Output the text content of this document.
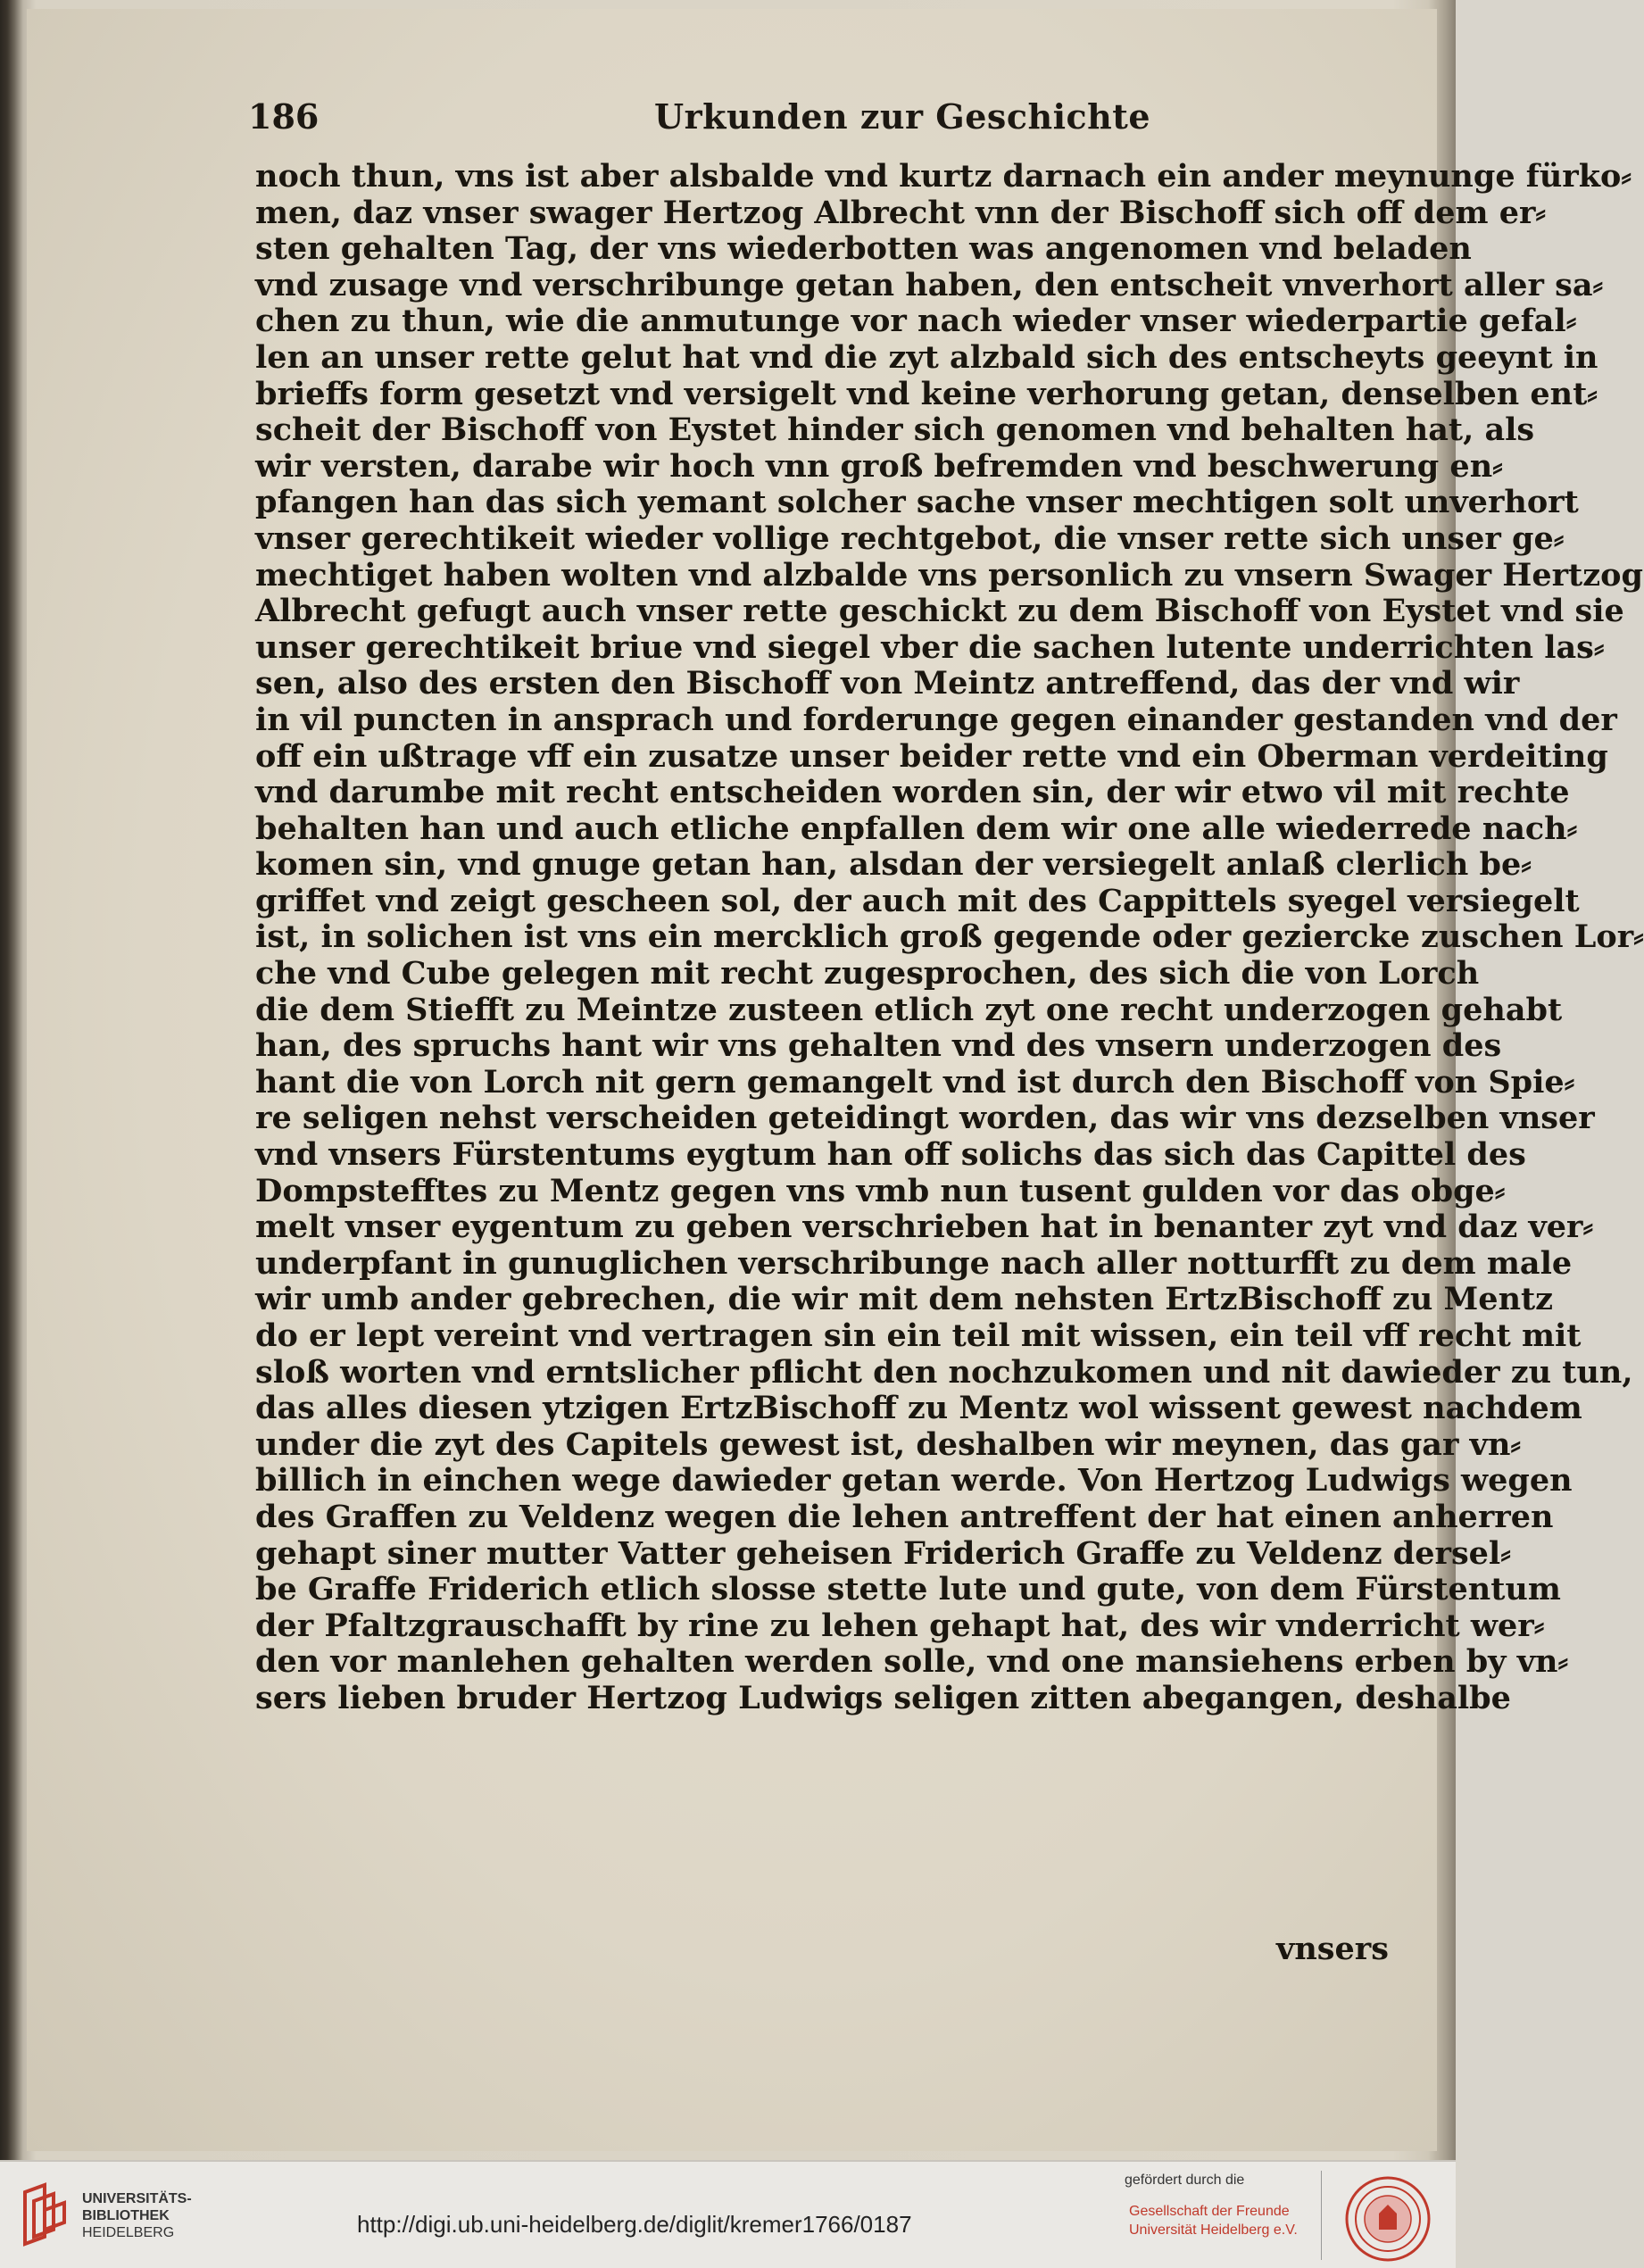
186	Urkunden zur Geschichte
noch thun, vns ist aber alsbalde vnd kurtz darnach ein ander meynunge fürko⸗
men, daz vnser swager Hertzog Albrecht vnn der Bischoff sich off dem er⸗
sten gehalten Tag, der vns wiederbotten was angenomen vnd beladen
vnd zusage vnd verschribunge getan haben, den entscheit vnverhort aller sa⸗
chen zu thun, wie die anmutunge vor nach wieder vnser wiederpartie gefal⸗
len an unser rette gelut hat vnd die zyt alzbald sich des entscheyts geeynt in
brieffs form gesetzt vnd versigelt vnd keine verhorung getan, denselben ent⸗
scheit der Bischoff von Eystet hinder sich genomen vnd behalten hat, als
wir versten, darabe wir hoch vnn groß befremden vnd beschwerung en⸗
pfangen han das sich yemant solcher sache vnser mechtigen solt unverhort
vnser gerechtikeit wieder vollige rechtgebot, die vnser rette sich unser ge⸗
mechtiget haben wolten vnd alzbalde vns personlich zu vnsern Swager Hertzog
Albrecht gefugt auch vnser rette geschickt zu dem Bischoff von Eystet vnd sie
unser gerechtikeit briue vnd siegel vber die sachen lutente underrichten las⸗
sen, also des ersten den Bischoff von Meintz antreffend, das der vnd wir
in vil puncten in ansprach und forderunge gegen einander gestanden vnd der
off ein ußtrage vff ein zusatze unser beider rette vnd ein Oberman verdeiting
vnd darumbe mit recht entscheiden worden sin, der wir etwo vil mit rechte
behalten han und auch etliche enpfallen dem wir one alle wiederrede nach⸗
komen sin, vnd gnuge getan han, alsdan der versiegelt anlaß clerlich be⸗
griffet vnd zeigt gescheen sol, der auch mit des Cappittels syegel versiegelt
ist, in solichen ist vns ein mercklich groß gegende oder geziercke zuschen Lor⸗
che vnd Cube gelegen mit recht zugesprochen, des sich die von Lorch
die dem Stiefft zu Meintze zusteen etlich zyt one recht underzogen gehabt
han, des spruchs hant wir vns gehalten vnd des vnsern underzogen des
hant die von Lorch nit gern gemangelt vnd ist durch den Bischoff von Spie⸗
re seligen nehst verscheiden geteidingt worden, das wir vns dezselben vnser
vnd vnsers Fürstentums eygtum han off solichs das sich das Capittel des
Dompstefftes zu Mentz gegen vns vmb nun tusent gulden vor das obge⸗
melt vnser eygentum zu geben verschrieben hat in benanter zyt vnd daz ver⸗
underpfant in gunuglichen verschribunge nach aller notturfft zu dem male
wir umb ander gebrechen, die wir mit dem nehsten ErtzBischoff zu Mentz
do er lept vereint vnd vertragen sin ein teil mit wissen, ein teil vff recht mit
sloß worten vnd erntslicher pflicht den nochzukomen und nit dawieder zu tun,
das alles diesen ytzigen ErtzBischoff zu Mentz wol wissent gewest nachdem
under die zyt des Capitels gewest ist, deshalben wir meynen, das gar vn⸗
billich in einchen wege dawieder getan werde. Von Hertzog Ludwigs wegen
des Graffen zu Veldenz wegen die lehen antreffent der hat einen anherren
gehapt siner mutter Vatter geheisen Friderich Graffe zu Veldenz dersel⸗
be Graffe Friderich etlich slosse stette lute und gute, von dem Fürstentum
der Pfaltzgrauschafft by rine zu lehen gehapt hat, des wir vnderricht wer⸗
den vor manlehen gehalten werden solle, vnd one mansiehens erben by vn⸗
sers lieben bruder Hertzog Ludwigs seligen zitten abegangen, deshalbe
vnsers
UNIVERSITÄTS-
BIBLIOTHEK
HEIDELBERG	http://digi.ub.uni-heidelberg.de/diglit/kremer1766/0187
gefördert durch die
Gesellschaft der Freunde
Universität Heidelberg e.V.
